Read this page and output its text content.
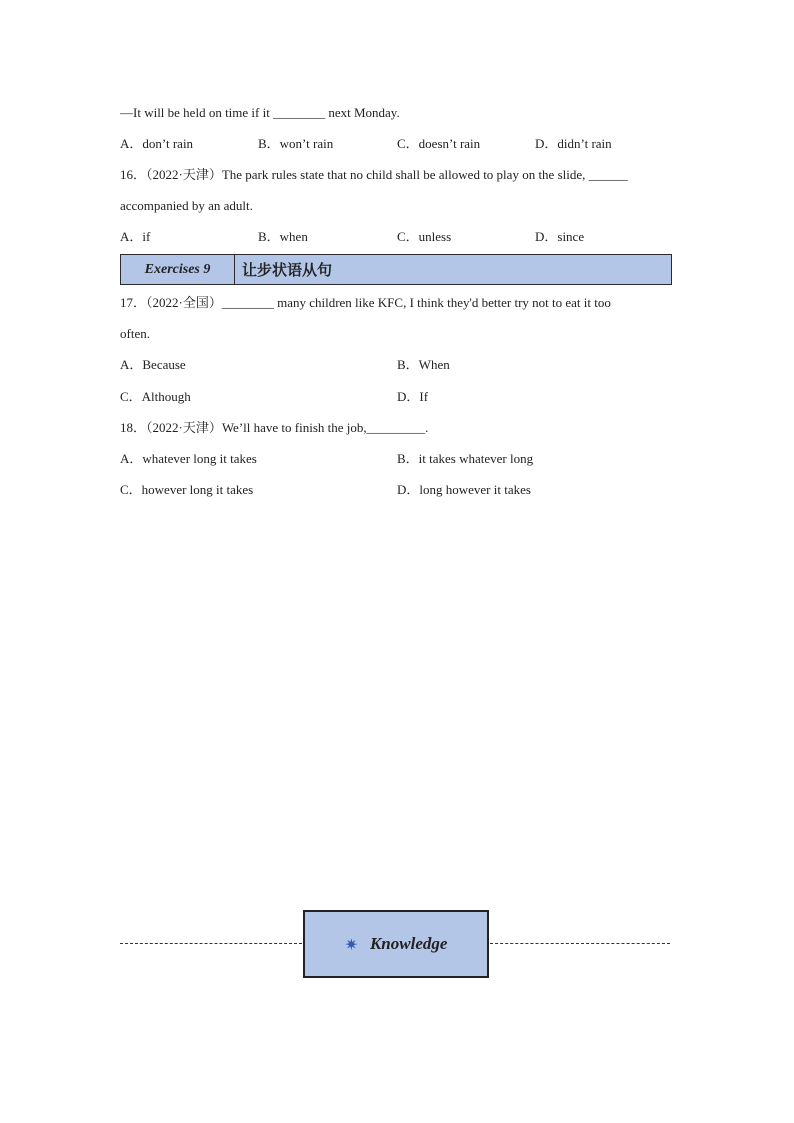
—It will be held on time if it ________ next Monday.
A．don’t rain	B．won’t rain	C．doesn’t rain	D．didn’t rain
16．（2022·天津）The park rules state that no child shall be allowed to play on the slide, ______
accompanied by an adult.
A．if	B．when	C．unless	D．since
Exercises 9	让步状语从句
17．（2022·全国）________ many children like KFC, I think they'd better try not to eat it too
often.
A．Because	B．When
C．Although	D．If
18．（2022·天津）We’ll have to finish the job,_________.
A．whatever long it takes	B．it takes whatever long
C．however long it takes	D．long however it takes
✷ Knowledge
